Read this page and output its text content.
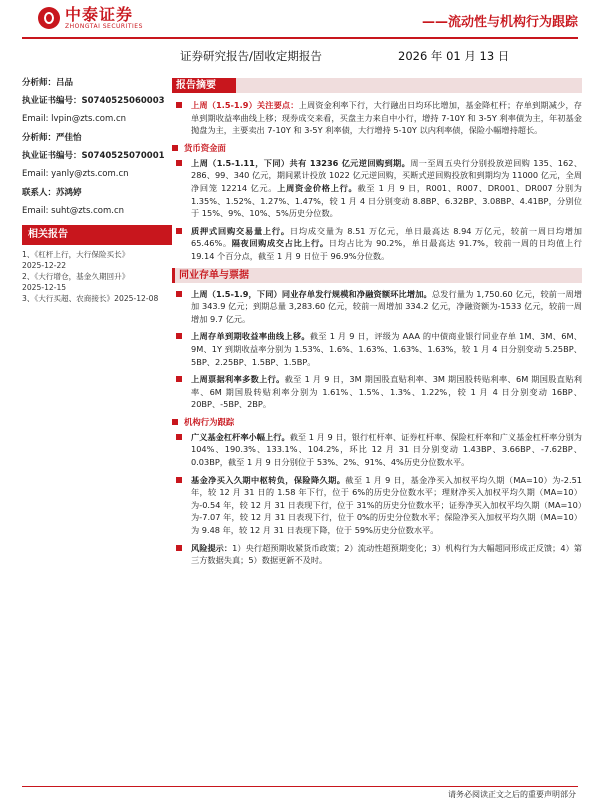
中泰证券
ZHONGTAI SECURITIES	——流动性与机构行为跟踪
证券研究报告/固收定期报告	2026 年 01 月 13 日
分析师：吕品
执业证书编号：S0740525060003
Email: lvpin@zts.com.cn
分析师：严佳怡
执业证书编号：S0740525070001
Email: yanly@zts.com.cn
联系人：苏鸿婷
Email: suht@zts.com.cn
相关报告
1、《杠杆上行，大行保险买长》
2025-12-22
2、《大行增仓，基金久期回升》
2025-12-15
3、《大行买超、农商接长》2025-12-08
报告摘要
上周（1.5-1.9）关注要点：上周资金利率下行，大行融出日均环比增加，基金降杠杆；存单到期减少，存单到期收益率曲线上移；现券成交来看，买盘主力来自中小行，增持 7-10Y 和 3-5Y 利率债为主，年初基金抛盘为主，主要卖出 7-10Y 和 3-5Y 利率债，大行增持 5-10Y 以内利率债，保险小幅增持超长。
货币资金面
上周（1.5-1.11，下同）共有 13236 亿元逆回购到期。周一至周五央行分别投放逆回购 135、162、286、99、340 亿元，期间累计投放 1022 亿元逆回购，买断式逆回购投放和到期均为 11000 亿元，全周净回笼 12214 亿元。上周资金价格上行。截至 1 月 9 日，R001、R007、DR001、DR007 分别为 1.35%、1.52%、1.27%、1.47%，较 1 月 4 日分别变动 8.8BP、6.32BP、3.08BP、4.41BP，分别位于 15%、9%、10%、5%历史分位数。
质押式回购交易量上行。日均成交量为 8.51 万亿元，单日最高达 8.94 万亿元，较前一周日均增加 65.46%。隔夜回购成交占比上行。日均占比为 90.2%，单日最高达 91.7%，较前一周的日均值上行 19.14 个百分点，截至 1 月 9 日位于 96.9%分位数。
同业存单与票据
上周（1.5-1.9，下同）同业存单发行规模和净融资额环比增加。总发行量为 1,750.60 亿元，较前一周增加 343.9 亿元；到期总量 3,283.60 亿元，较前一周增加 334.2 亿元，净融资额为-1533 亿元，较前一周增加 9.7 亿元。
上周存单到期收益率曲线上移。截至 1 月 9 日，评级为 AAA 的中债商业银行同业存单 1M、3M、6M、9M、1Y 到期收益率分别为 1.53%、1.6%、1.63%、1.63%、1.63%，较 1 月 4 日分别变动 5.25BP、5BP、2.25BP、1.5BP、1.5BP。
上周票据利率多数上行。截至 1 月 9 日，3M 期国股直贴利率、3M 期国股转贴利率、6M 期国股直贴利率、6M 期国股转贴利率分别为 1.61%、1.5%、1.3%、1.22%，较 1 月 4 日分别变动 16BP、20BP、-5BP、2BP。
机构行为跟踪
广义基金杠杆率小幅上行。截至 1 月 9 日，银行杠杆率、证券杠杆率、保险杠杆率和广义基金杠杆率分别为 104%、190.3%、133.1%、104.2%，环比 12 月 31 日分别变动 1.43BP、3.66BP、-7.62BP、0.03BP，截至 1 月 9 日分别位于 53%、2%、91%、4%历史分位数水平。
基金净买入久期中枢转负，保险降久期。截至 1 月 9 日，基金净买入加权平均久期（MA=10）为-2.51 年，较 12 月 31 日的 1.58 年下行，位于 6%的历史分位数水平；理财净买入加权平均久期（MA=10）为-0.54 年，较 12 月 31 日表现下行，位于 31%的历史分位数水平；证券净买入加权平均久期（MA=10）为-7.07 年，较 12 月 31 日表现下行，位于 0%的历史分位数水平；保险净买入加权平均久期（MA=10）为 9.48 年，较 12 月 31 日表现下降，位于 59%历史分位数水平。
风险提示：1）央行超预期收紧货币政策；2）流动性超预期变化；3）机构行为大幅超同形成正反馈；4）第三方数据失真；5）数据更新不及时。
请务必阅读正文之后的重要声明部分
